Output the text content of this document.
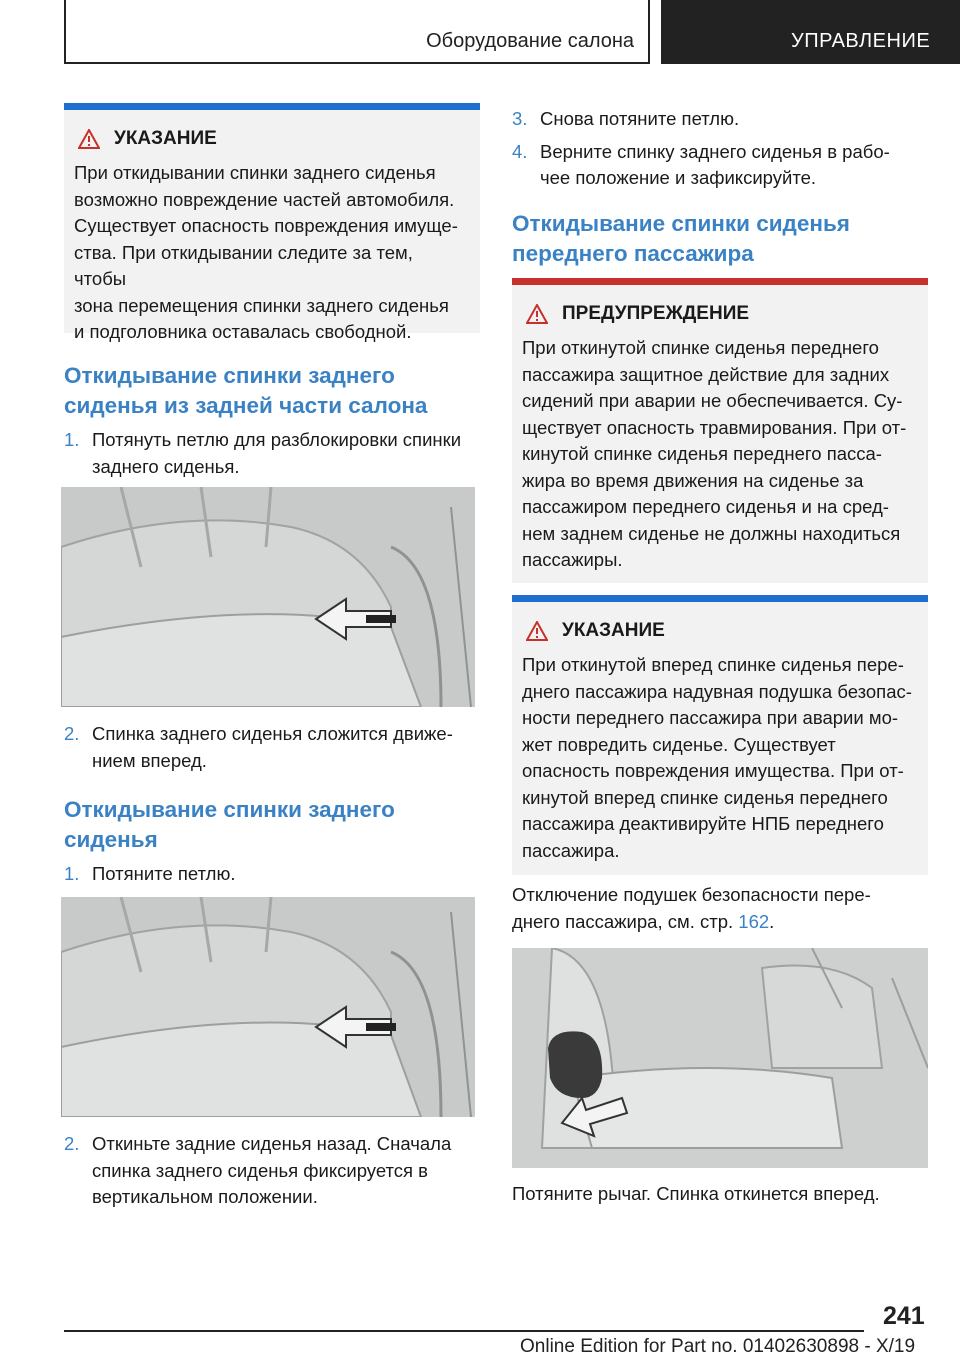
Оборудование салона	УПРАВЛЕНИЕ
УКАЗАНИЕ

При откидывании спинки заднего сиденья

возможно повреждение частей автомобиля.

Существует опасность повреждения имуще-

ства. При откидывании следите за тем, чтобы

зона перемещения спинки заднего сиденья

и подголовника оставалась свободной.

Откидывание спинки заднего

сиденья из задней части салона

1. Потянуть петлю для разблокировки спинки
заднего сиденья.
2. Спинка заднего сиденья сложится движе-
нием вперед.

Откидывание спинки заднего

сиденья

1. Потяните петлю.
2. Откиньте задние сиденья назад. Сначала
спинка заднего сиденья фиксируется в
вертикальном положении.
3. Снова потяните петлю.
4. Верните спинку заднего сиденья в рабо-
чее положение и зафиксируйте.

Откидывание спинки сиденья

переднего пассажира

ПРЕДУПРЕЖДЕНИЕ

При откинутой спинке сиденья переднего

пассажира защитное действие для задних

сидений при аварии не обеспечивается. Су-

ществует опасность травмирования. При от-

кинутой спинке сиденья переднего пасса-

жира во время движения на сиденье за

пассажиром переднего сиденья и на сред-

нем заднем сиденье не должны находиться

пассажиры.

УКАЗАНИЕ

При откинутой вперед спинке сиденья пере-

днего пассажира надувная подушка безопас-

ности переднего пассажира при аварии мо-

жет повредить сиденье. Существует

опасность повреждения имущества. При от-

кинутой вперед спинке сиденья переднего

пассажира деактивируйте НПБ переднего

пассажира.

Отключение подушек безопасности пере-

днего пассажира, см. стр. 162.

Потяните рычаг. Спинка откинется вперед.

241
Online Edition for Part no. 01402630898 - X/19
